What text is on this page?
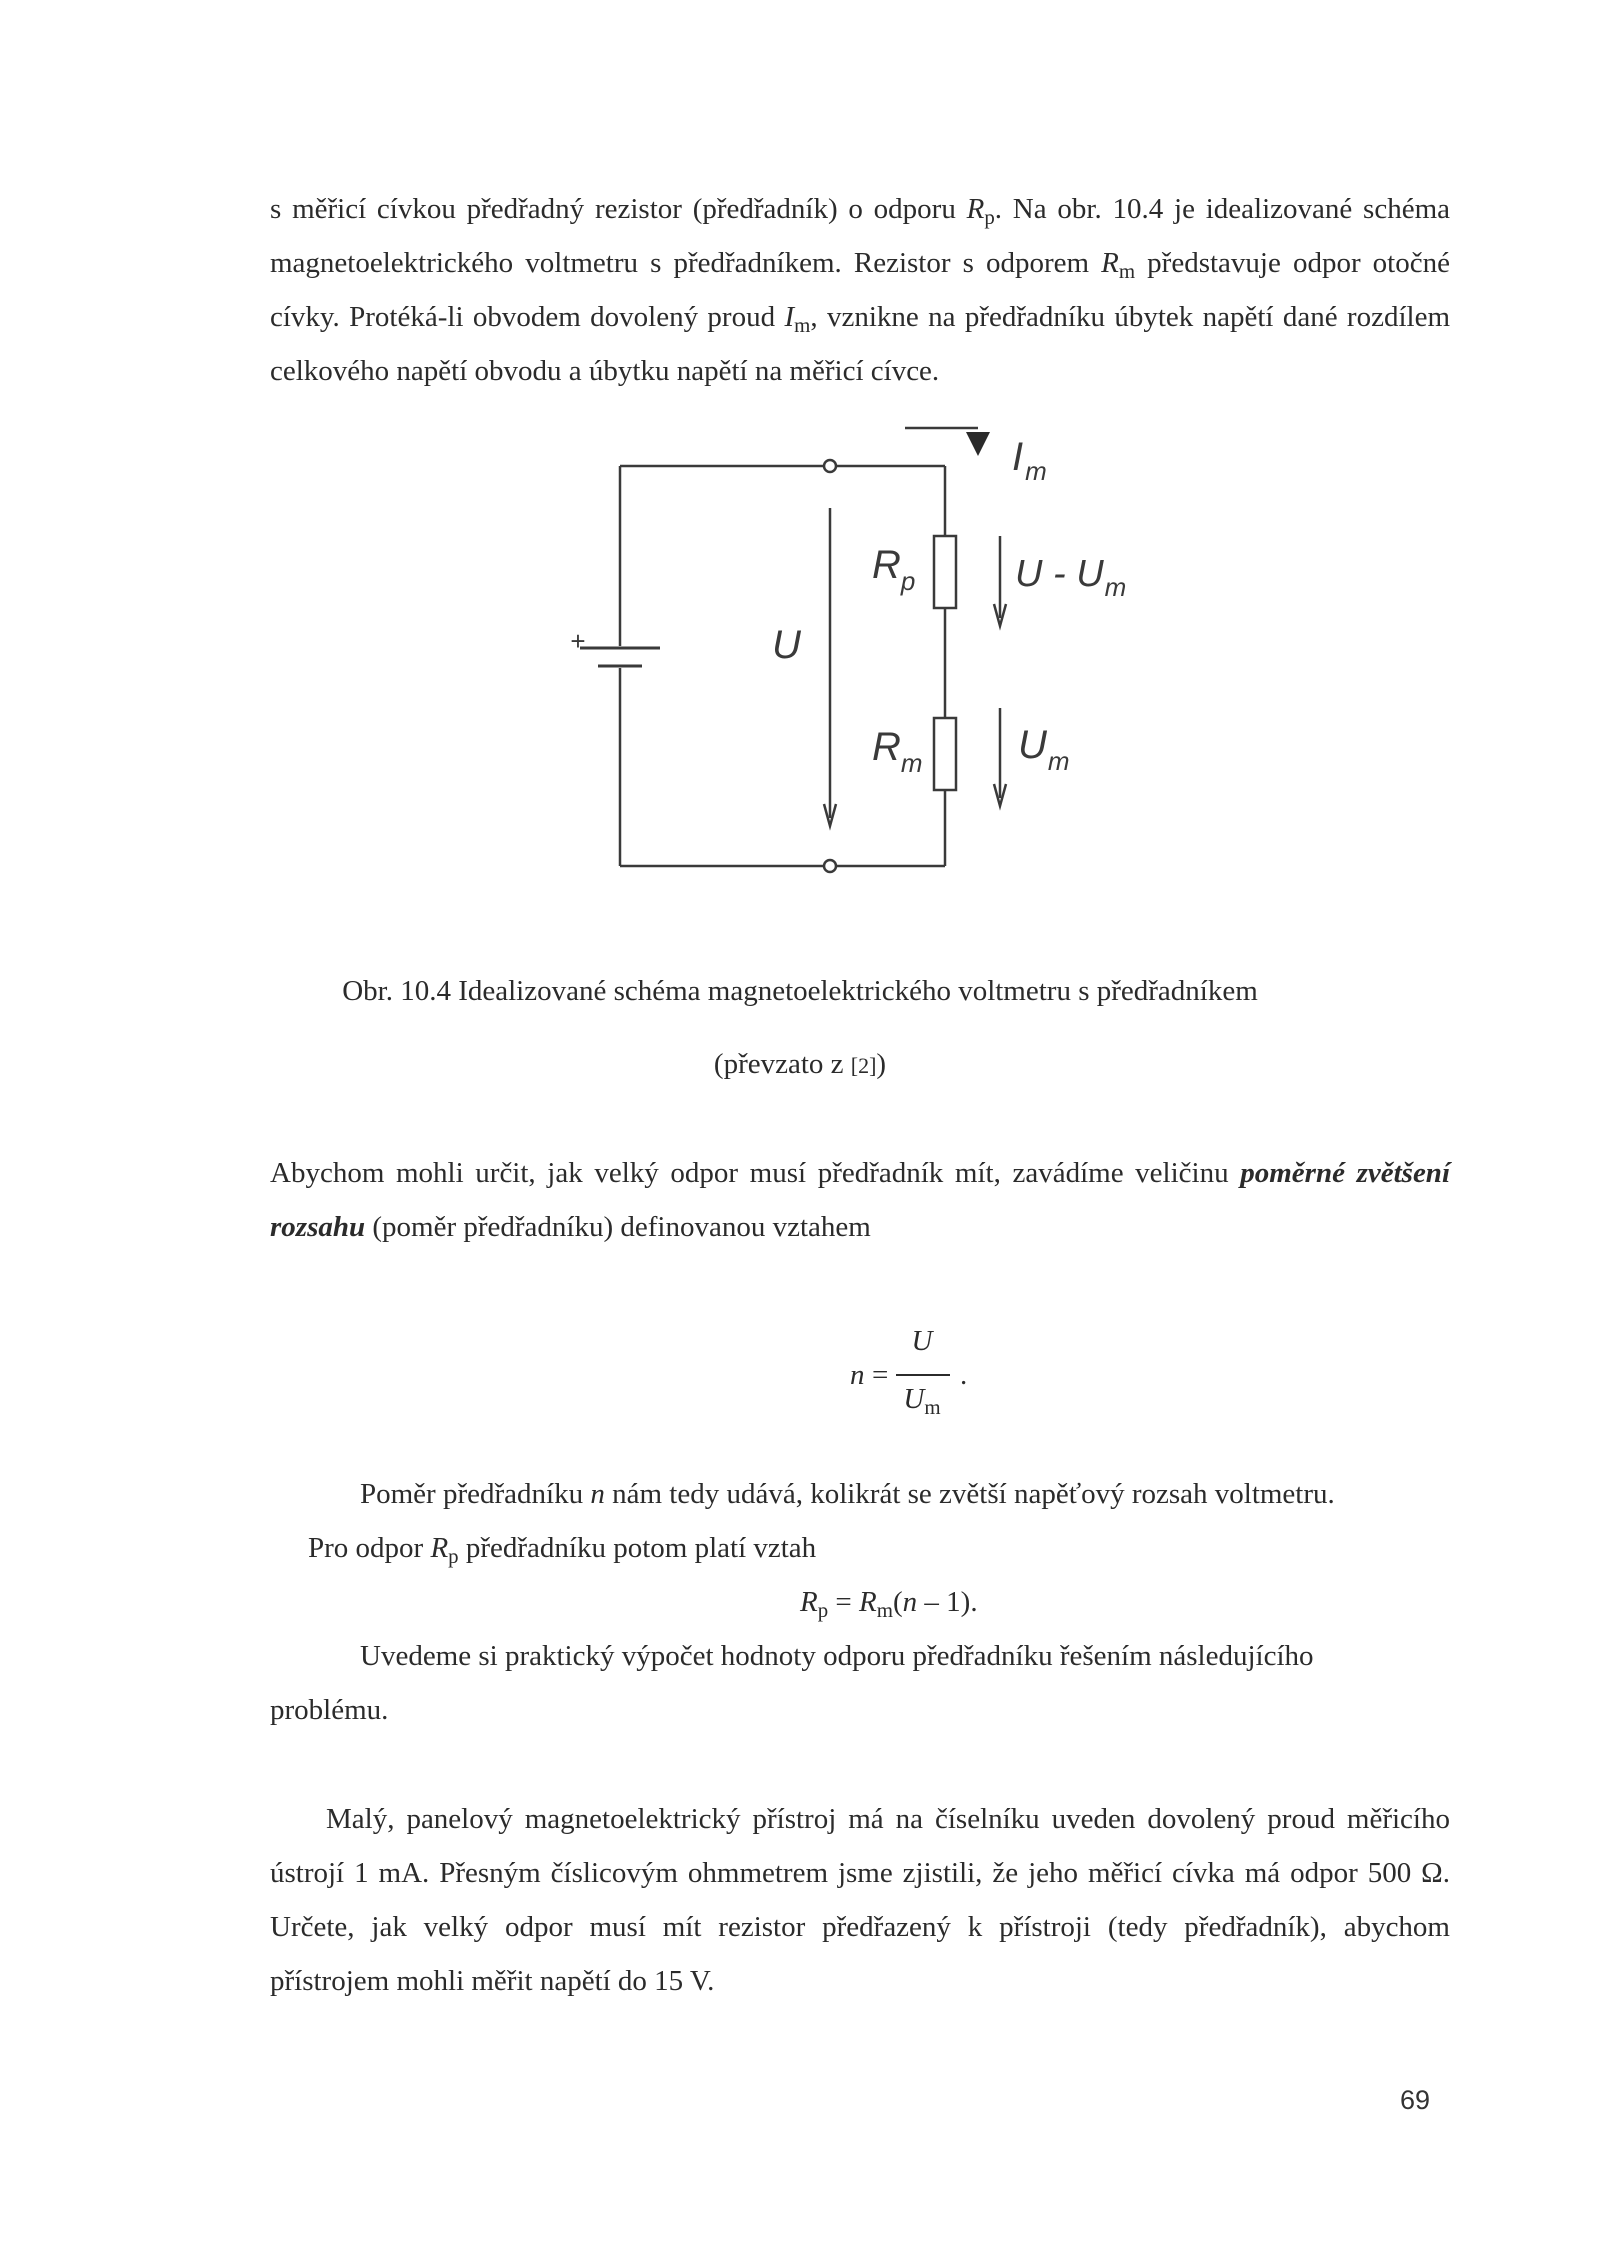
s měřicí cívkou předřadný rezistor (předřadník) o odporu $R_p$. Na obr. 10.4 je idealizované schéma magnetoelektrického voltmetru s předřadníkem. Rezistor s odporem $R_m$ představuje odpor otočné cívky. Protéká-li obvodem dovolený proud $I_m$, vznikne na předřadníku úbytek napětí dané rozdílem celkového napětí obvodu a úbytku napětí na měřicí cívce.
+
$I_m$
$R_p$	U - $U_m$
U
$R_m$ $U_m$
Obr. 10.4 Idealizované schéma magnetoelektrického voltmetru s předřadníkem
(převzato z [2])
Abychom mohli určit, jak velký odpor musí předřadník mít, zavádíme veličinu poměrné zvětšení rozsahu (poměr předřadníku) definovanou vztahem
n =
U
$U_m$
.
Poměr předřadníku n nám tedy udává, kolikrát se zvětší napěťový rozsah voltmetru.
Pro odpor $R_p$ předřadníku potom platí vztah
$R_p = R_m(n - 1)$.
Uvedeme si praktický výpočet hodnoty odporu předřadníku řešením následujícího
problému.
Malý, panelový magnetoelektrický přístroj má na číselníku uveden dovolený proud měřicího ústrojí 1 mA. Přesným číslicovým ohmmetrem jsme zjistili, že jeho měřicí cívka má odpor 500 Ω. Určete, jak velký odpor musí mít rezistor předřazený k přístroji (tedy předřadník), abychom přístrojem mohli měřit napětí do 15 V.
69
